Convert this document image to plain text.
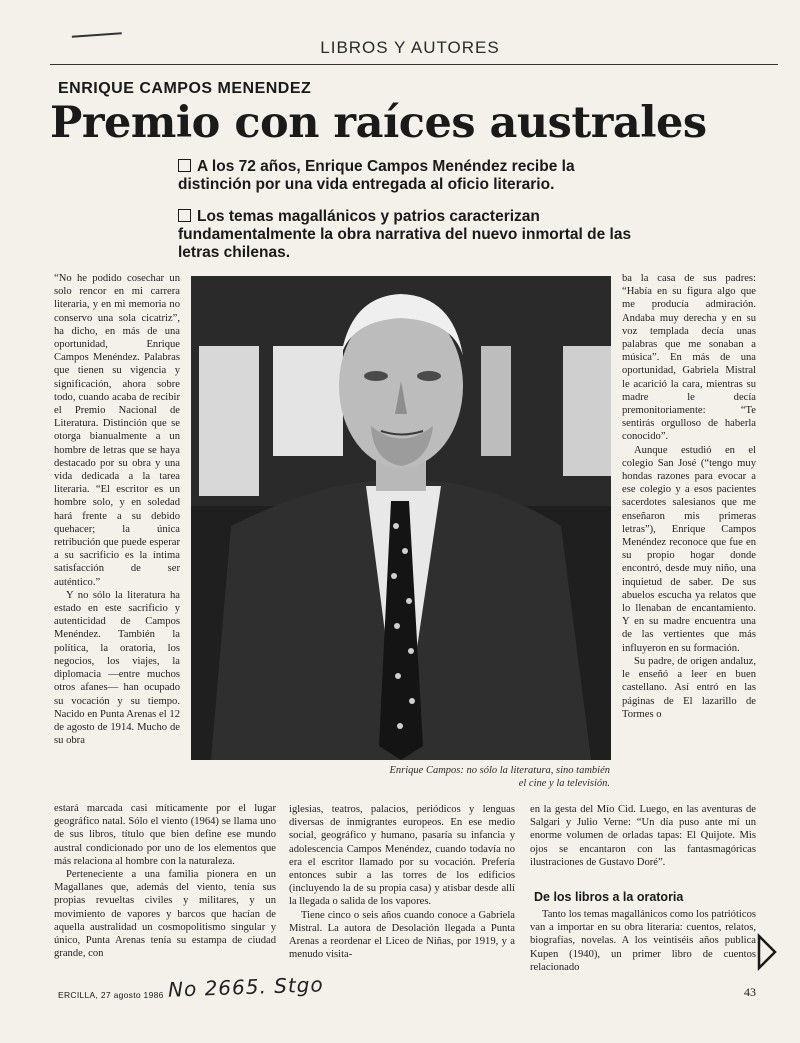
LIBROS Y AUTORES
ENRIQUE CAMPOS MENENDEZ
Premio con raíces australes
A los 72 años, Enrique Campos Menéndez recibe la distinción por una vida entregada al oficio literario.
Los temas magallánicos y patrios caracterizan fundamentalmente la obra narrativa del nuevo inmortal de las letras chilenas.

“No he podido cosechar un solo rencor en mi carrera literaria, y en mi memoria no conservo una sola cicatriz”, ha dicho, en más de una oportunidad, Enrique Campos Menéndez. Palabras que tienen su vigencia y significación, ahora sobre todo, cuando acaba de recibir el Premio Nacional de Literatura. Distinción que se otorga bianualmente a un hombre de letras que se haya destacado por su obra y una vida dedicada a la tarea literaria. “El escritor es un hombre solo, y en soledad hará frente a su debido quehacer; la única retribución que puede esperar a su sacrificio es la íntima satisfacción de ser auténtico.”

Y no sólo la literatura ha estado en este sacrificio y autenticidad de Campos Menéndez. También la política, la oratoria, los negocios, los viajes, la diplomacia —entre muchos otros afanes— han ocupado su vocación y su tiempo. Nacido en Punta Arenas el 12 de agosto de 1914. Mucho de su obra

Enrique Campos: no sólo la literatura, sino también el cine y la televisión.

ba la casa de sus padres: “Había en su figura algo que me producía admiración. Andaba muy derecha y en su voz templada decía unas palabras que me sonaban a música”. En más de una oportunidad, Gabriela Mistral le acarició la cara, mientras su madre le decía premonitoriamente: “Te sentirás orgulloso de haberla conocido”.

Aunque estudió en el colegio San José (“tengo muy hondas razones para evocar a ese colegio y a esos pacientes sacerdotes salesianos que me enseñaron mis primeras letras”), Enrique Campos Menéndez reconoce que fue en su propio hogar donde encontró, desde muy niño, una inquietud de saber. De sus abuelos escucha ya relatos que lo llenaban de encantamiento. Y en su madre encuentra una de las vertientes que más influyeron en su formación.

Su padre, de origen andaluz, le enseñó a leer en buen castellano. Así entró en las páginas de El lazarillo de Tormes o

estará marcada casi míticamente por el lugar geográfico natal. Sólo el viento (1964) se llama uno de sus libros, título que bien define ese mundo austral condicionado por uno de los elementos que más relaciona al hombre con la naturaleza.

Perteneciente a una familia pionera en un Magallanes que, además del viento, tenía sus propias revueltas civiles y militares, y un movimiento de vapores y barcos que hacían de aquella australidad un cosmopolitismo singular y único, Punta Arenas tenía su estampa de ciudad grande, con

iglesias, teatros, palacios, periódicos y lenguas diversas de inmigrantes europeos. En ese medio social, geográfico y humano, pasaría su infancia y adolescencia Campos Menéndez, cuando todavía no era el escritor llamado por su vocación. Prefería entonces subir a las torres de los edificios (incluyendo la de su propia casa) y atisbar desde allí la llegada o salida de los vapores.

Tiene cinco o seis años cuando conoce a Gabriela Mistral. La autora de Desolación llegada a Punta Arenas a reordenar el Liceo de Niñas, por 1919, y a menudo visita-

en la gesta del Mío Cid. Luego, en las aventuras de Salgari y Julio Verne: “Un día puso ante mí un enorme volumen de orladas tapas: El Quijote. Mis ojos se encantaron con las fantasmagóricas ilustraciones de Gustavo Doré”.

De los libros a la oratoria

Tanto los temas magallánicos como los patrióticos van a importar en su obra literaria: cuentos, relatos, biografías, novelas. A los veintiséis años publica Kupen (1940), un primer libro de cuentos relacionado

ERCILLA, 27 agosto 1986 No 2665. Stgo	43
